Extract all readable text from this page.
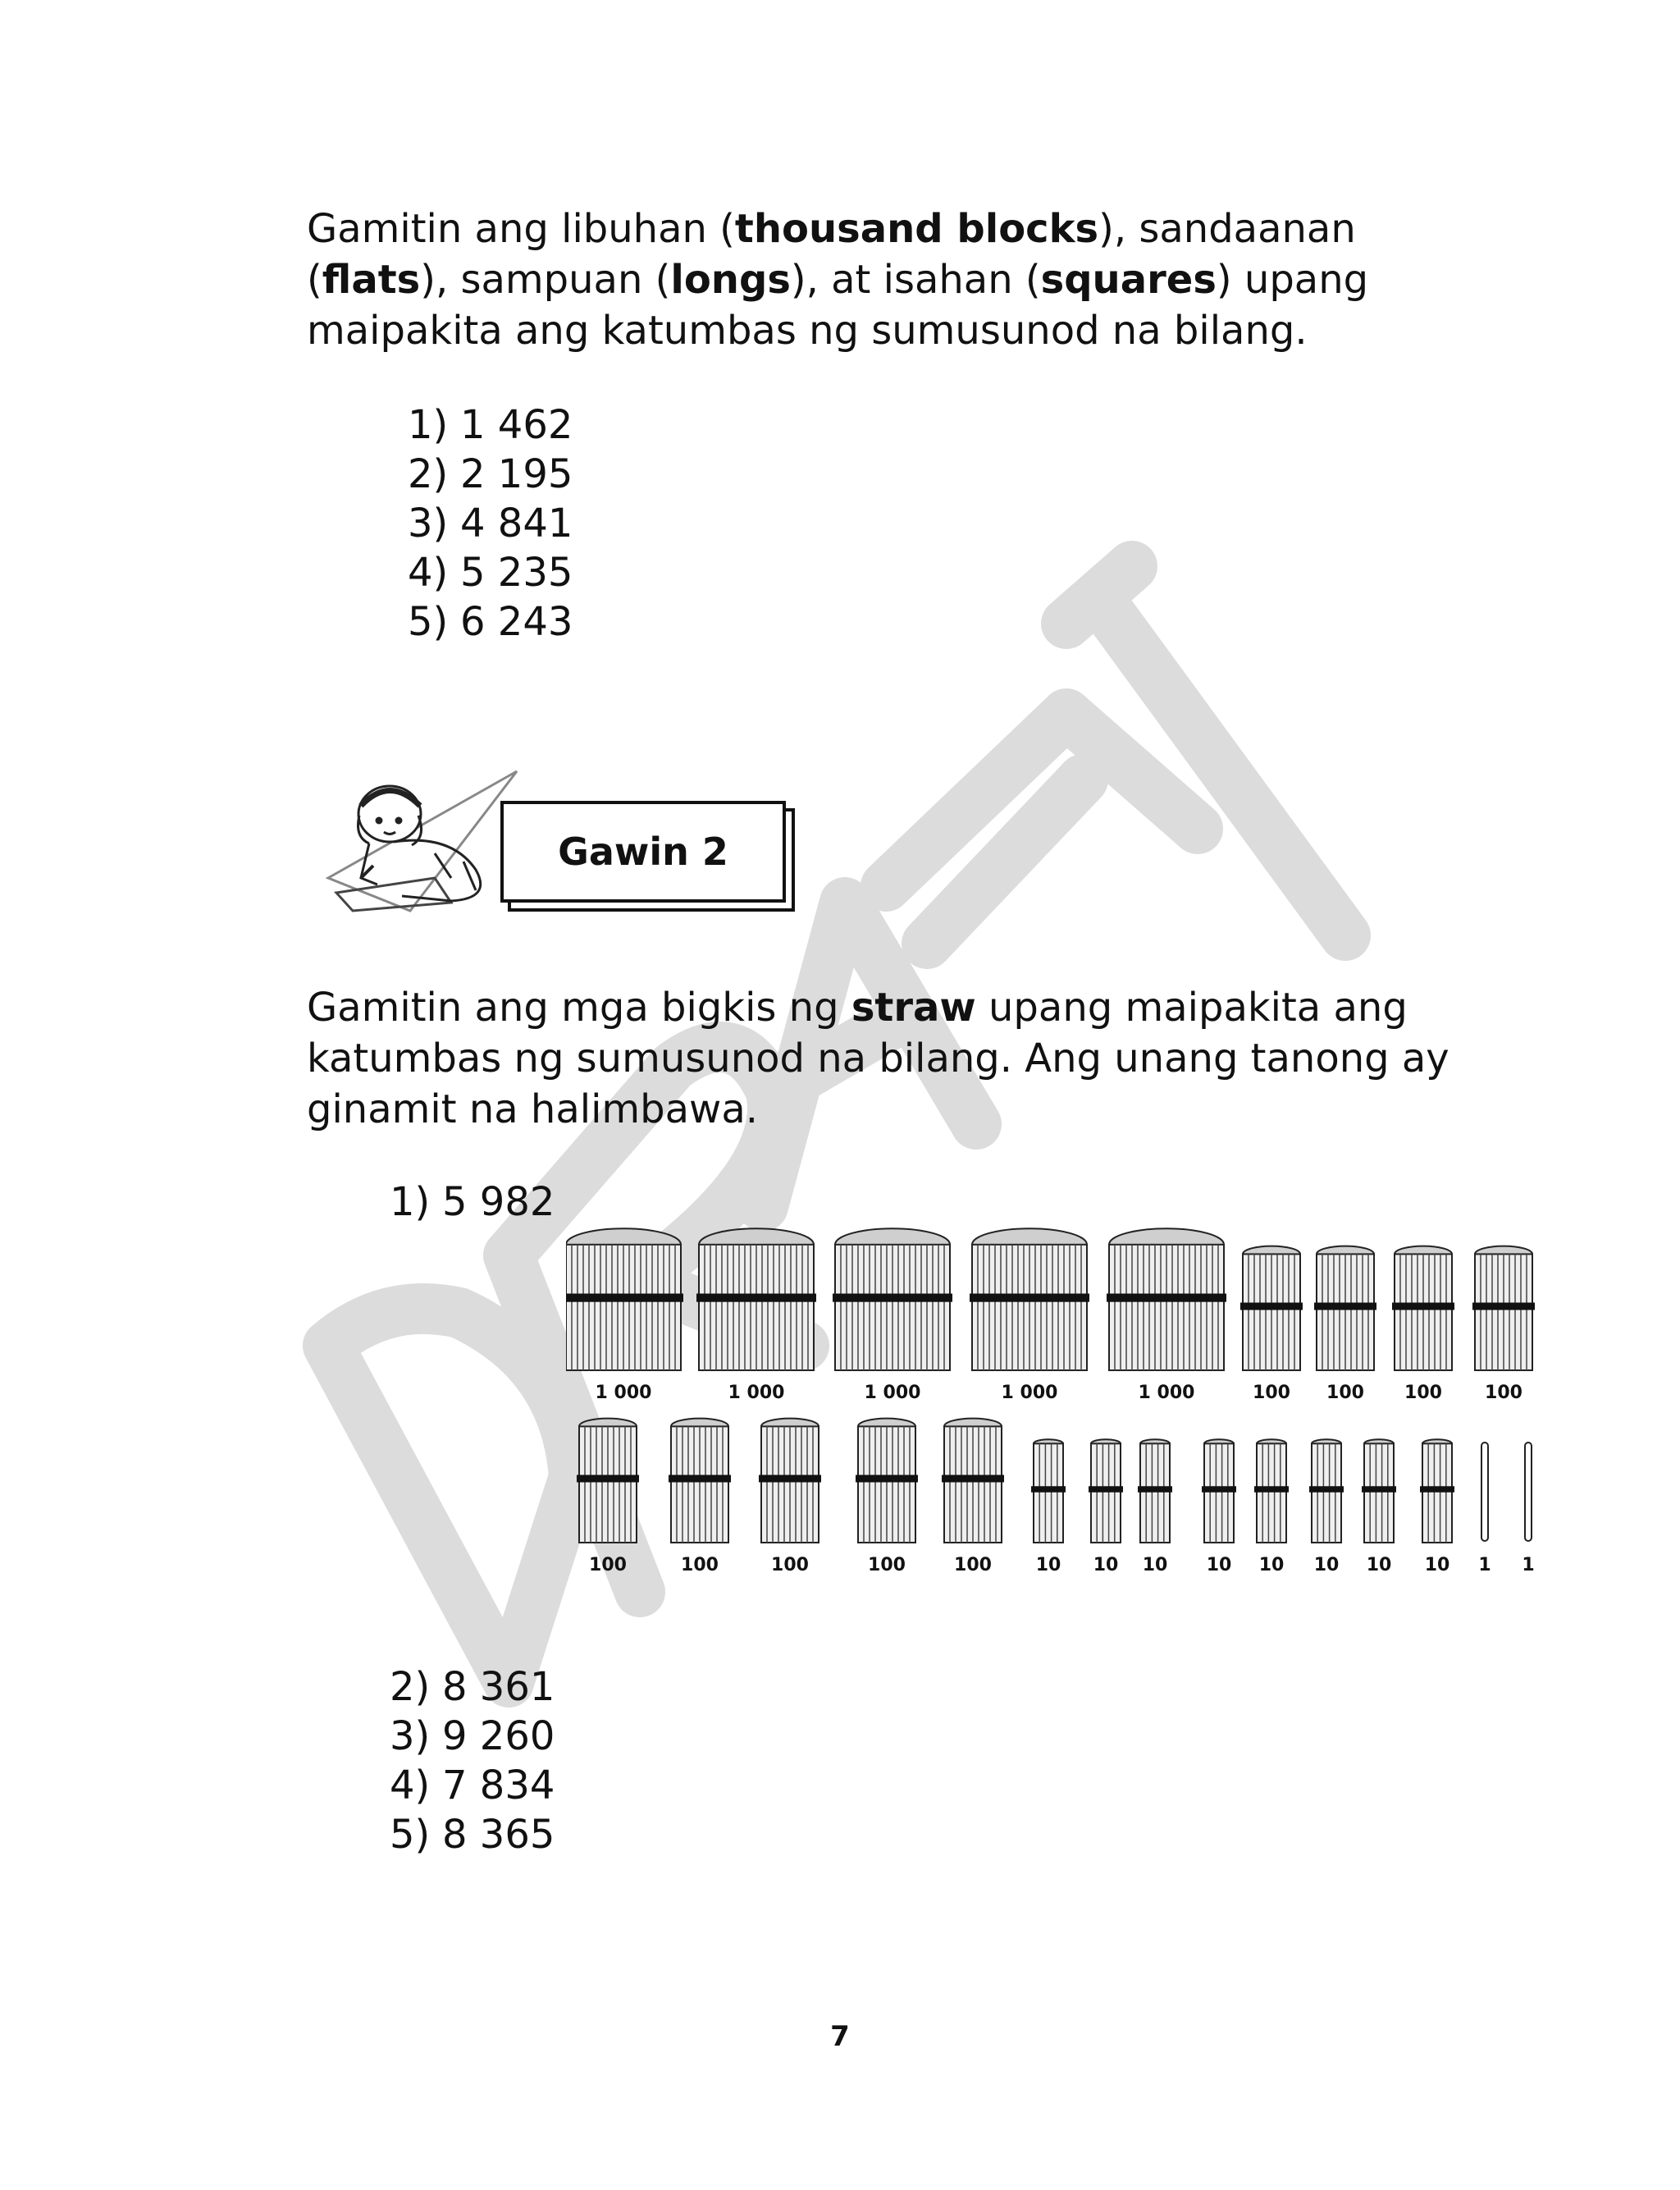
Gamitin ang libuhan (thousand blocks), sandaanan (flats), sampuan (longs), at isahan (squares) upang maipakita ang katumbas ng sumusunod na bilang.

1) 1 462
2) 2 195
3) 4 841
4) 5 235
5) 6 243
Gawin 2

Gamitin ang mga bigkis ng straw upang maipakita ang katumbas ng sumusunod na bilang. Ang unang tanong ay ginamit na halimbawa.

1) 5 982
1 000	1 000	1 000	1 000	1 000	100 100 100 100
100	100	100	100	100 10 10 10 10 10 10 10 10 1 1
2) 8 361
3) 9 260
4) 7 834
5) 8 365
7
